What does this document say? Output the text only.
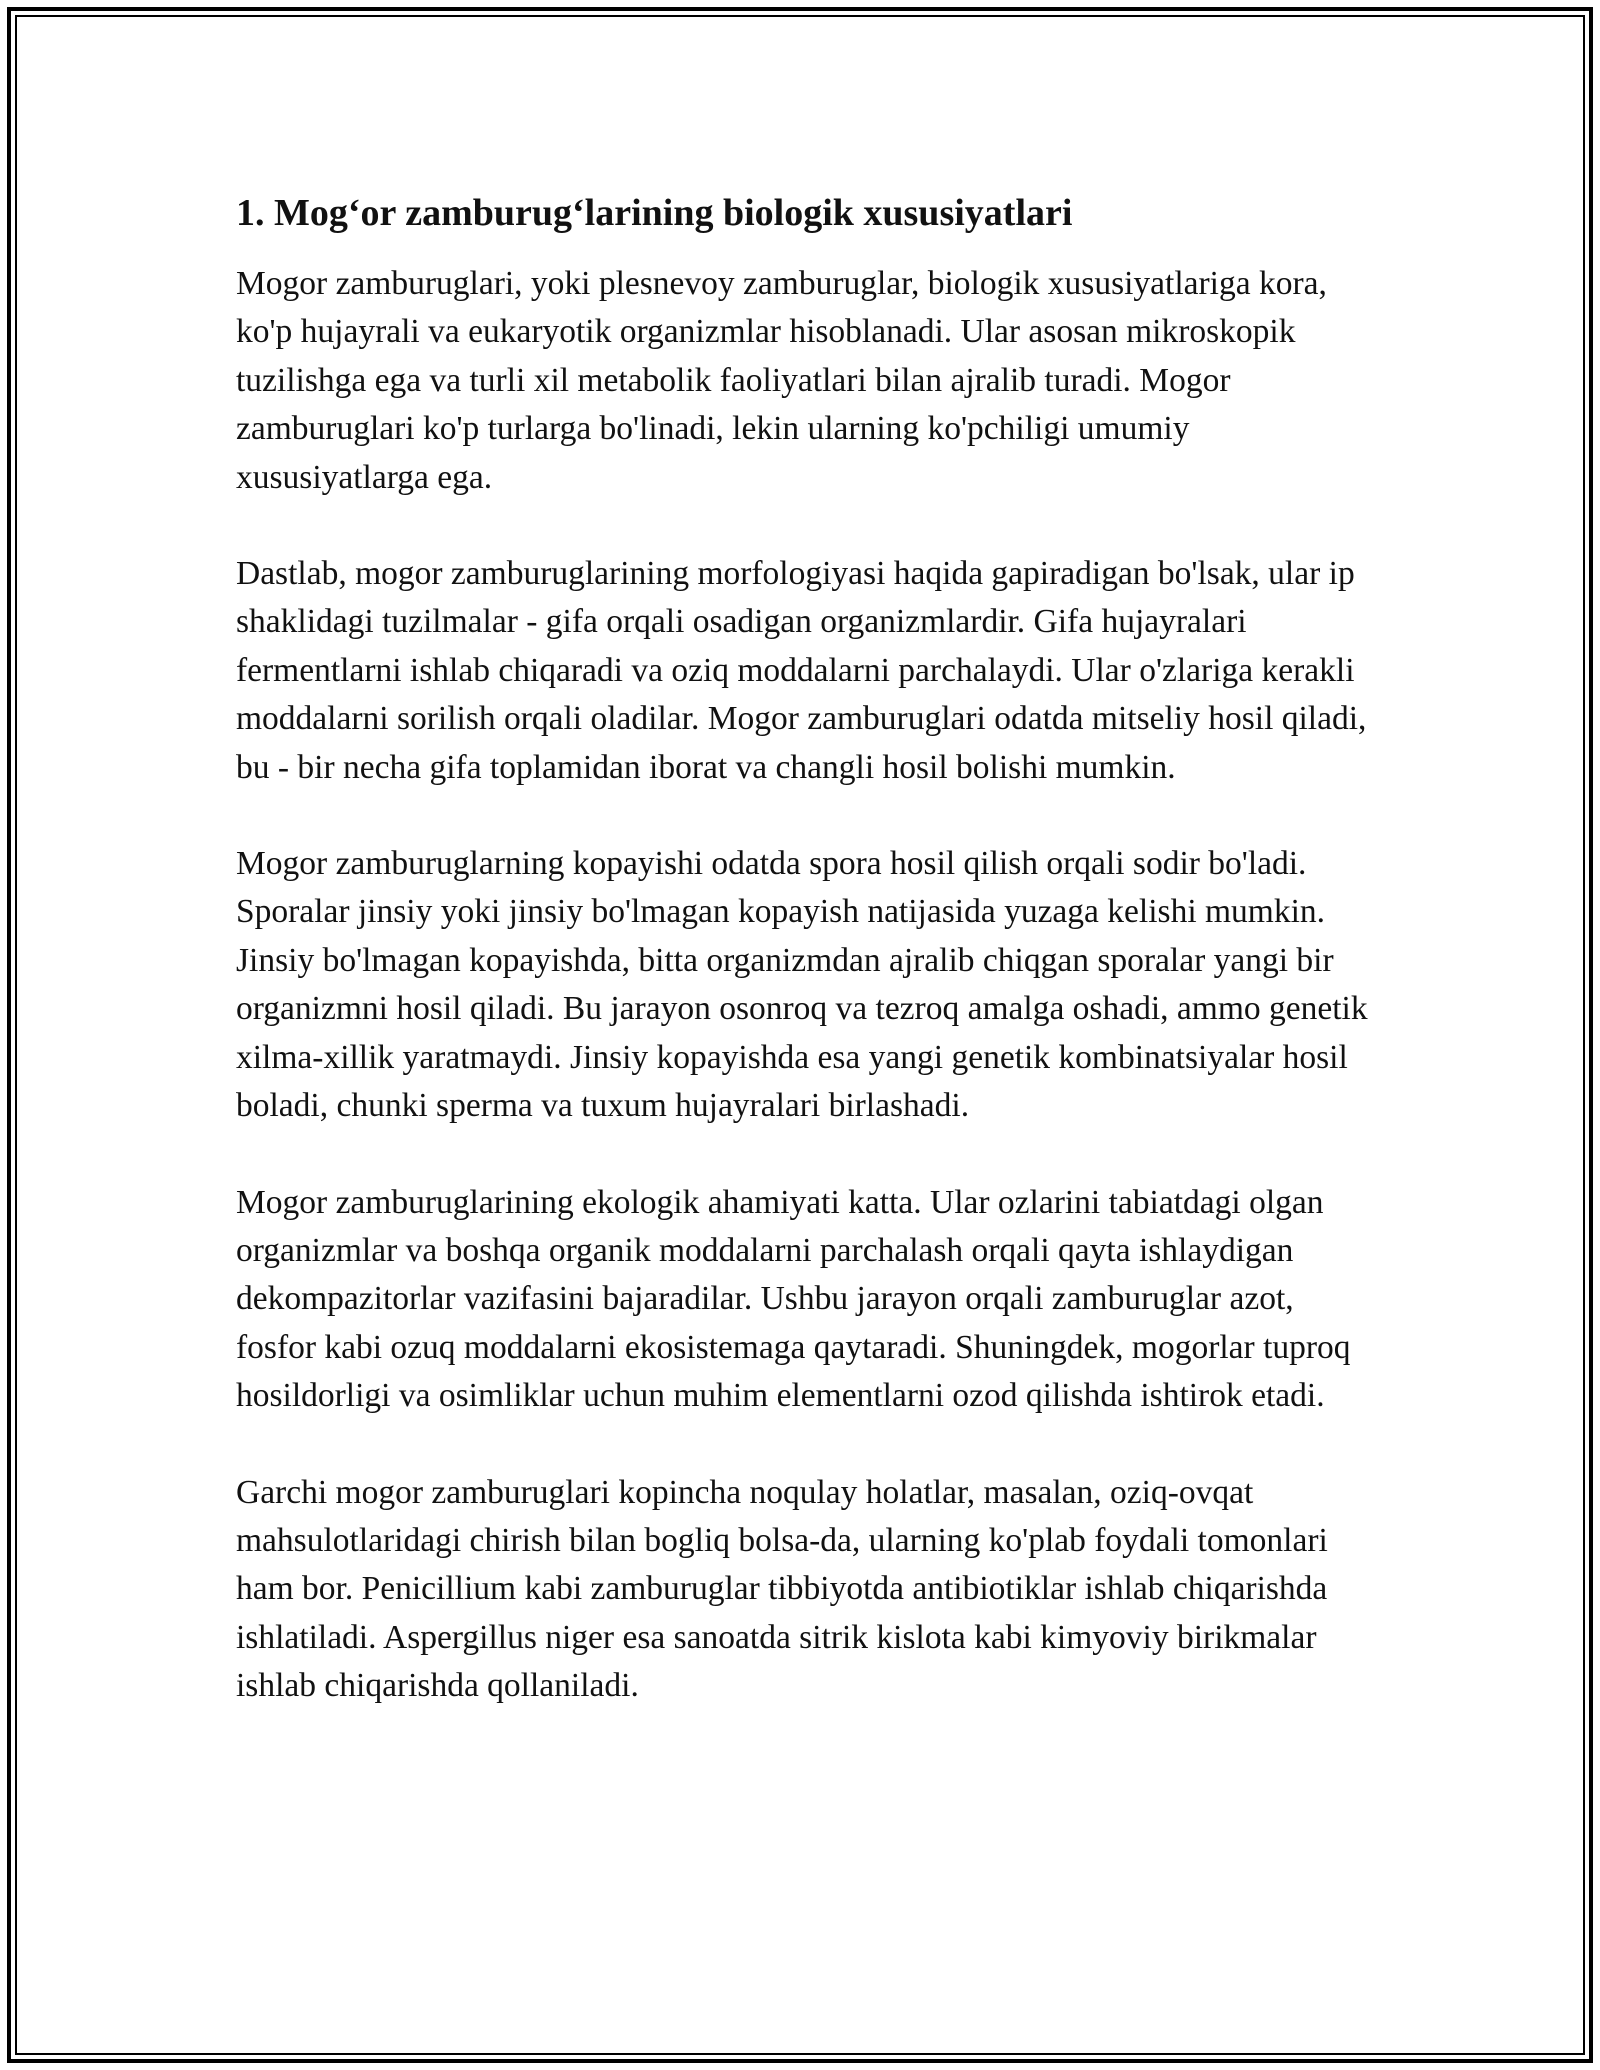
1. Mog‘or zamburug‘larining biologik xususiyatlari

Mogor zamburuglari, yoki plesnevoy zamburuglar, biologik xususiyatlariga kora, ko'p hujayrali va eukaryotik organizmlar hisoblanadi. Ular asosan mikroskopik tuzilishga ega va turli xil metabolik faoliyatlari bilan ajralib turadi. Mogor zamburuglari ko'p turlarga bo'linadi, lekin ularning ko'pchiligi umumiy xususiyatlarga ega.

Dastlab, mogor zamburuglarining morfologiyasi haqida gapiradigan bo'lsak, ular ip shaklidagi tuzilmalar - gifa orqali osadigan organizmlardir. Gifa hujayralari fermentlarni ishlab chiqaradi va oziq moddalarni parchalaydi. Ular o'zlariga kerakli moddalarni sorilish orqali oladilar. Mogor zamburuglari odatda mitseliy hosil qiladi, bu - bir necha gifa toplamidan iborat va changli hosil bolishi mumkin.

Mogor zamburuglarning kopayishi odatda spora hosil qilish orqali sodir bo'ladi. Sporalar jinsiy yoki jinsiy bo'lmagan kopayish natijasida yuzaga kelishi mumkin. Jinsiy bo'lmagan kopayishda, bitta organizmdan ajralib chiqgan sporalar yangi bir organizmni hosil qiladi. Bu jarayon osonroq va tezroq amalga oshadi, ammo genetik xilma-xillik yaratmaydi. Jinsiy kopayishda esa yangi genetik kombinatsiyalar hosil boladi, chunki sperma va tuxum hujayralari birlashadi.

Mogor zamburuglarining ekologik ahamiyati katta. Ular ozlarini tabiatdagi olgan organizmlar va boshqa organik moddalarni parchalash orqali qayta ishlaydigan dekompazitorlar vazifasini bajaradilar. Ushbu jarayon orqali zamburuglar azot, fosfor kabi ozuq moddalarni ekosistemaga qaytaradi. Shuningdek, mogorlar tuproq hosildorligi va osimliklar uchun muhim elementlarni ozod qilishda ishtirok etadi.

Garchi mogor zamburuglari kopincha noqulay holatlar, masalan, oziq-ovqat mahsulotlaridagi chirish bilan bogliq bolsa-da, ularning ko'plab foydali tomonlari ham bor. Penicillium kabi zamburuglar tibbiyotda antibiotiklar ishlab chiqarishda ishlatiladi. Aspergillus niger esa sanoatda sitrik kislota kabi kimyoviy birikmalar ishlab chiqarishda qollaniladi.
